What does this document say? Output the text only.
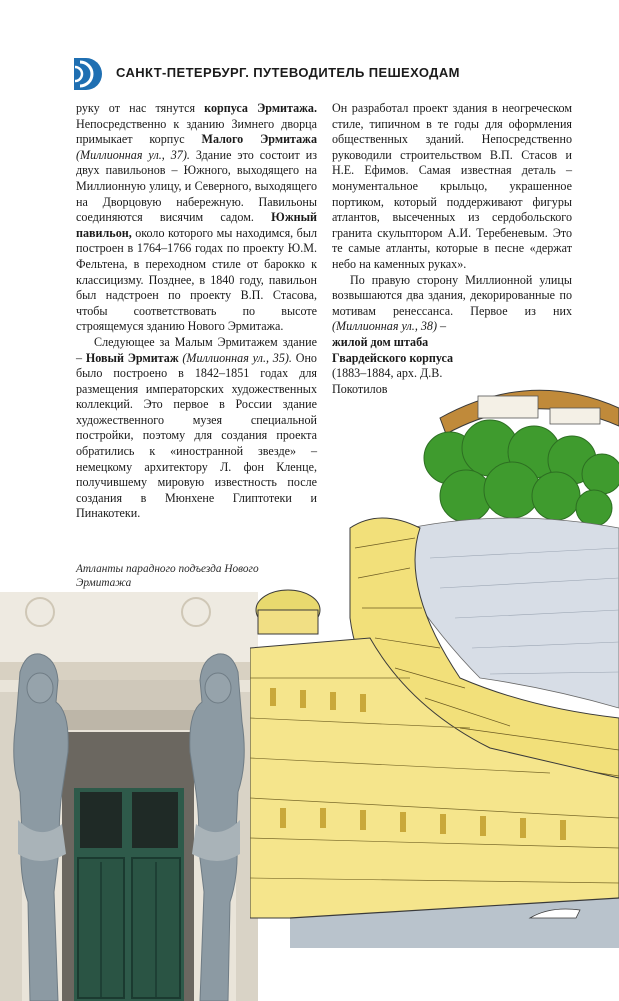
САНКТ-ПЕТЕРБУРГ. ПУТЕВОДИТЕЛЬ ПЕШЕХОДАМ

руку от нас тянутся корпуса Эрмитажа. Непосредственно к зданию Зимнего дворца примыкает корпус Малого Эрмитажа (Миллионная ул., 37). Здание это состоит из двух павильонов – Южного, выходящего на Миллионную улицу, и Северного, выходящего на Дворцовую набережную. Павильоны соединяются висячим садом. Южный павильон, около которого мы находимся, был построен в 1764–1766 годах по проекту Ю.М. Фельтена, в переходном стиле от барокко к классицизму. Позднее, в 1840 году, павильон был надстроен по проекту В.П. Стасова, чтобы соответствовать по высоте строящемуся зданию Нового Эрмитажа.

Следующее за Малым Эрмитажем здание – Новый Эрмитаж (Миллионная ул., 35). Оно было построено в 1842–1851 годах для размещения императорских художественных коллекций. Это первое в России здание художественного музея специальной постройки, поэтому для создания проекта обратились к «иностранной звезде» – немецкому архитектору Л. фон Кленце, получившему мировую известность после создания в Мюнхене Глиптотеки и Пинакотеки.

Он разработал проект здания в неогреческом стиле, типичном в те годы для оформления общественных зданий. Непосредственно руководили строительством В.П. Стасов и Н.Е. Ефимов. Самая известная деталь – монументальное крыльцо, украшенное портиком, который поддерживают фигуры атлантов, высеченных из сердобольского гранита скульптором А.И. Теребеневым. Это те самые атланты, которые в песне «держат небо на каменных руках».

По правую сторону Миллионной улицы возвышаются два здания, декорированные по мотивам ренессанса. Первое из них (Миллионная ул., 38) –

жилой дом штаба Гвардейского корпуса (1883–1884, арх. Д.В. Покотилов

Атланты парадного подъезда Нового Эрмитажа
